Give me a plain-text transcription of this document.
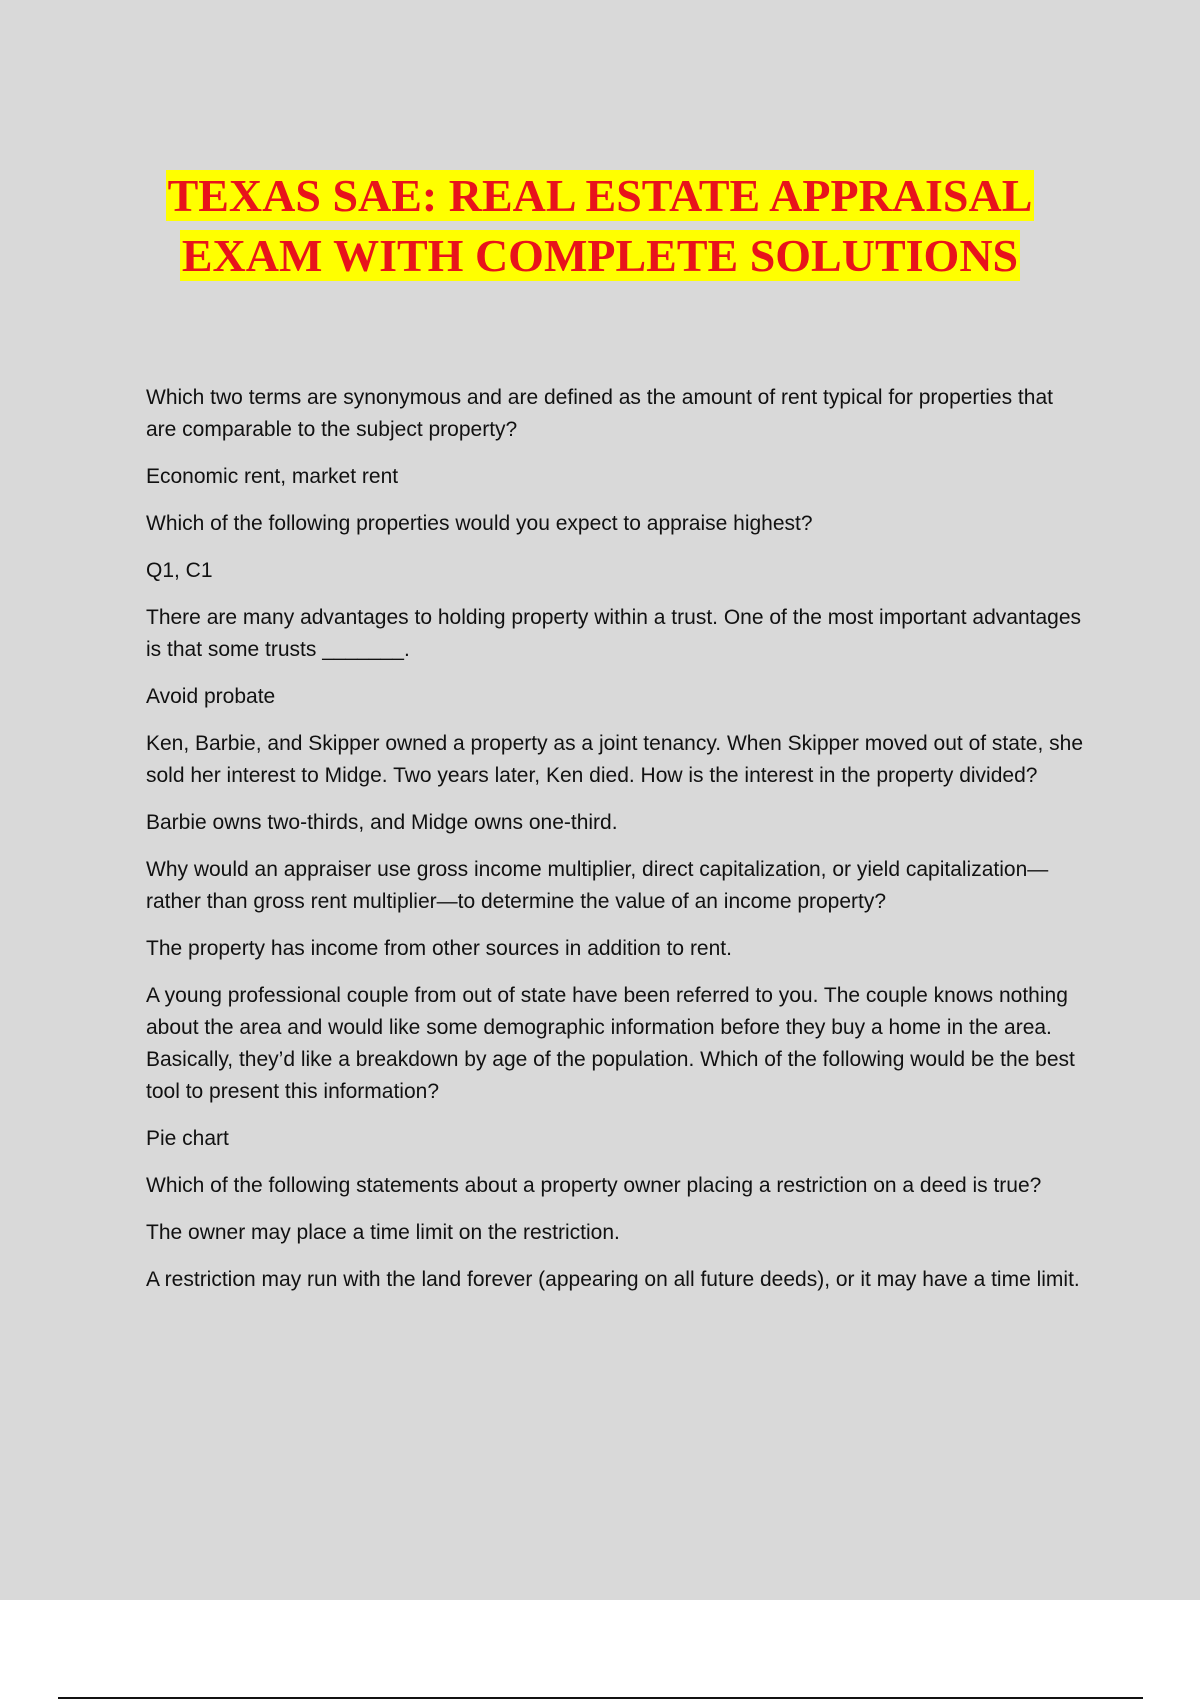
TEXAS SAE: REAL ESTATE APPRAISAL
EXAM WITH COMPLETE SOLUTIONS

Which two terms are synonymous and are defined as the amount of rent typical for properties that are comparable to the subject property?

Economic rent, market rent

Which of the following properties would you expect to appraise highest?

Q1, C1

There are many advantages to holding property within a trust. One of the most important advantages is that some trusts _______.

Avoid probate

Ken, Barbie, and Skipper owned a property as a joint tenancy. When Skipper moved out of state, she sold her interest to Midge. Two years later, Ken died. How is the interest in the property divided?

Barbie owns two-thirds, and Midge owns one-third.

Why would an appraiser use gross income multiplier, direct capitalization, or yield capitalization—rather than gross rent multiplier—to determine the value of an income property?

The property has income from other sources in addition to rent.

A young professional couple from out of state have been referred to you. The couple knows nothing about the area and would like some demographic information before they buy a home in the area. Basically, they’d like a breakdown by age of the population. Which of the following would be the best tool to present this information?

Pie chart

Which of the following statements about a property owner placing a restriction on a deed is true?

The owner may place a time limit on the restriction.

A restriction may run with the land forever (appearing on all future deeds), or it may have a time limit.
